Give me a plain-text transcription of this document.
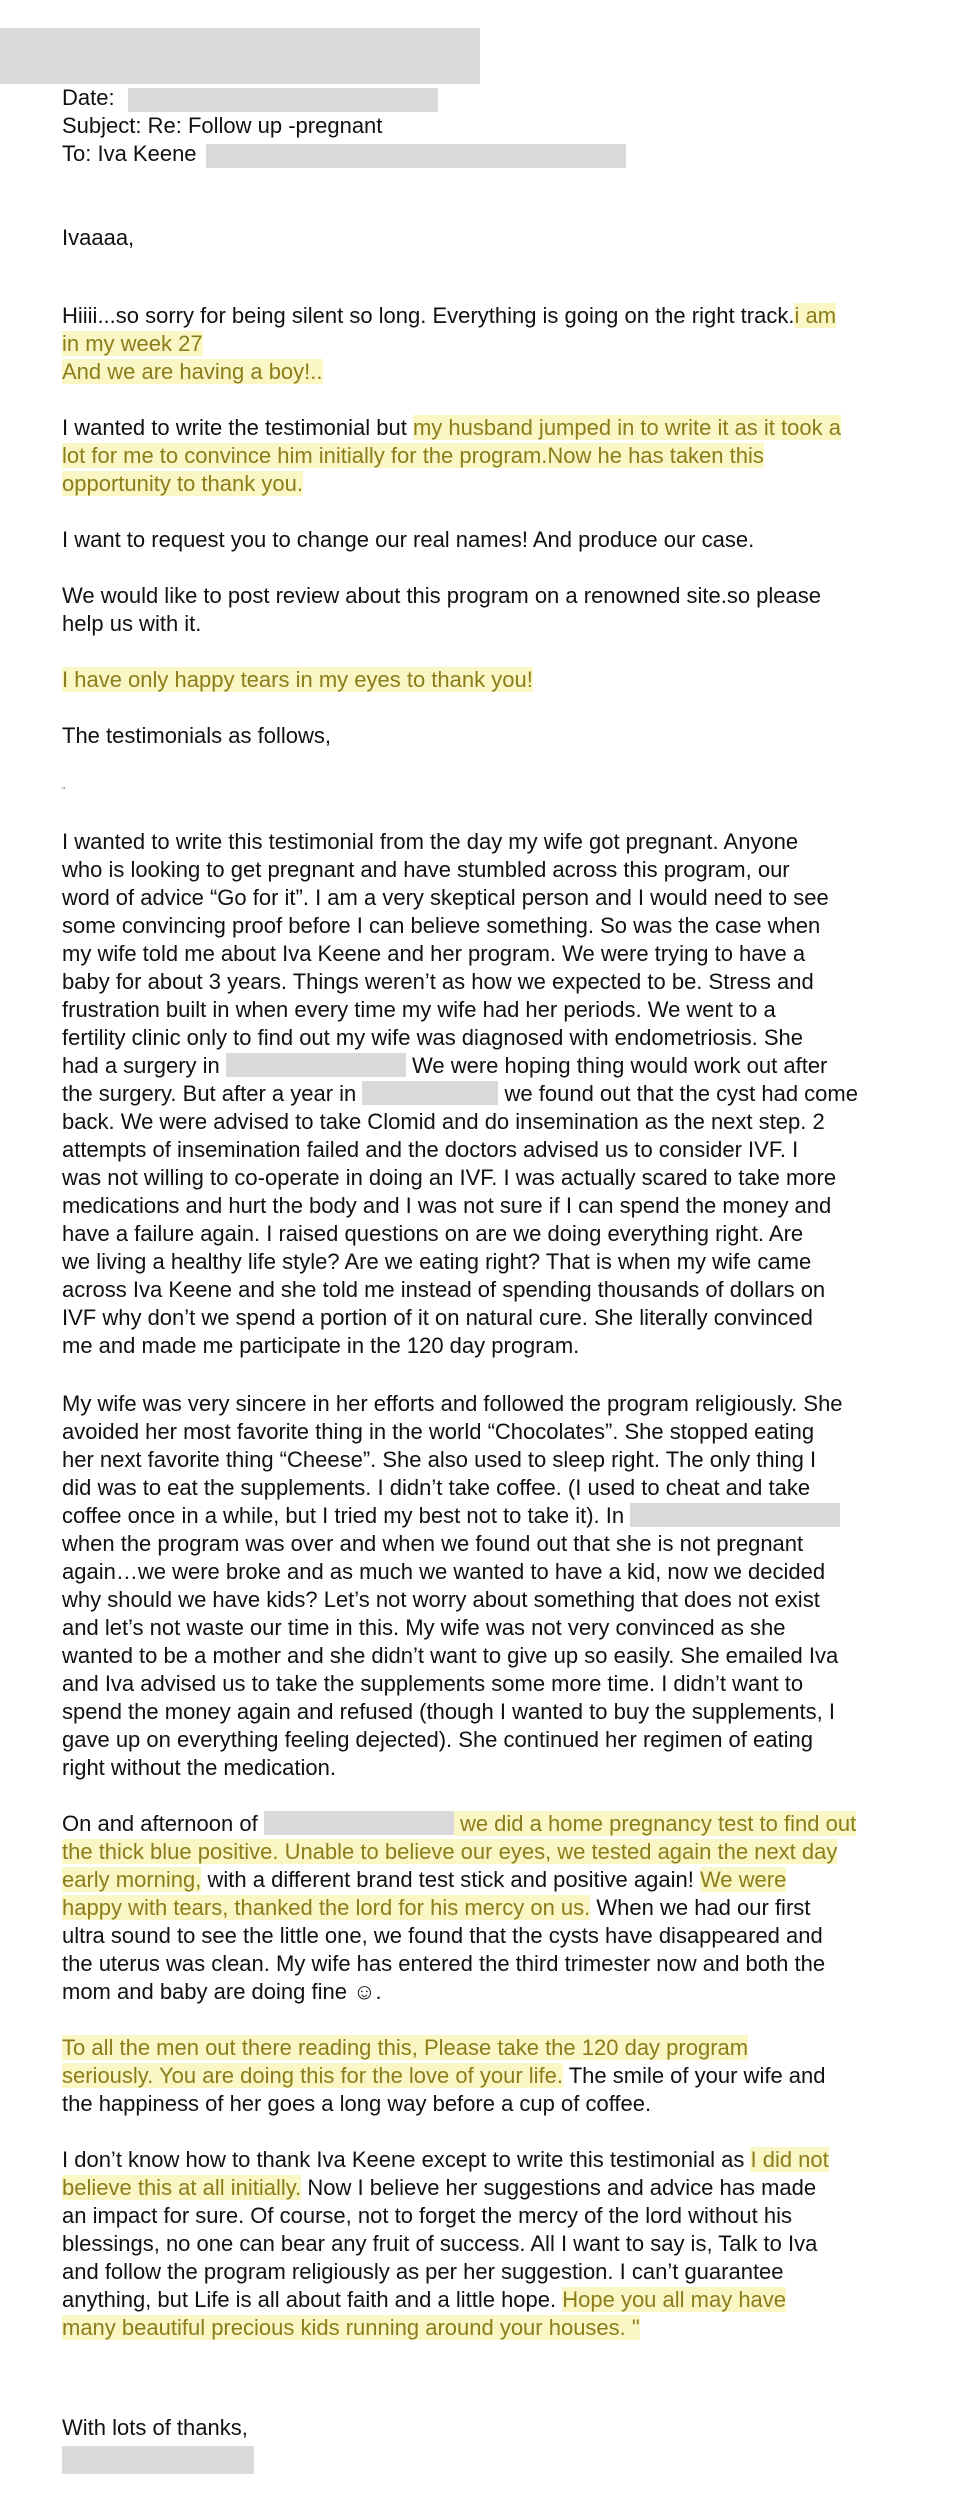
Date:
Subject: Re: Follow up -pregnant
To: Iva Keene
Ivaaaa,
Hiiii...so sorry for being silent so long. Everything is going on the right track.i am
in my week 27
And we are having a boy!..
I wanted to write the testimonial but my husband jumped in to write it as it took a
lot for me to convince him initially for the program.Now he has taken this
opportunity to thank you.
I want to request you to change our real names! And produce our case.
We would like to post review about this program on a renowned site.so please
help us with it.
I have only happy tears in my eyes to thank you!
The testimonials as follows,
"
I wanted to write this testimonial from the day my wife got pregnant. Anyone
who is looking to get pregnant and have stumbled across this program, our
word of advice “Go for it”. I am a very skeptical person and I would need to see
some convincing proof before I can believe something. So was the case when
my wife told me about Iva Keene and her program. We were trying to have a
baby for about 3 years. Things weren’t as how we expected to be. Stress and
frustration built in when every time my wife had her periods. We went to a
fertility clinic only to find out my wife was diagnosed with endometriosis. She
had a surgery in	We were hoping thing would work out after
the surgery. But after a year in	we found out that the cyst had come
back. We were advised to take Clomid and do insemination as the next step. 2
attempts of insemination failed and the doctors advised us to consider IVF. I
was not willing to co-operate in doing an IVF. I was actually scared to take more
medications and hurt the body and I was not sure if I can spend the money and
have a failure again. I raised questions on are we doing everything right. Are
we living a healthy life style? Are we eating right? That is when my wife came
across Iva Keene and she told me instead of spending thousands of dollars on
IVF why don’t we spend a portion of it on natural cure. She literally convinced
me and made me participate in the 120 day program.
My wife was very sincere in her efforts and followed the program religiously. She
avoided her most favorite thing in the world “Chocolates”. She stopped eating
her next favorite thing “Cheese”. She also used to sleep right. The only thing I
did was to eat the supplements. I didn’t take coffee. (I used to cheat and take
coffee once in a while, but I tried my best not to take it). In
when the program was over and when we found out that she is not pregnant
again…we were broke and as much we wanted to have a kid, now we decided
why should we have kids? Let’s not worry about something that does not exist
and let’s not waste our time in this. My wife was not very convinced as she
wanted to be a mother and she didn’t want to give up so easily. She emailed Iva
and Iva advised us to take the supplements some more time. I didn’t want to
spend the money again and refused (though I wanted to buy the supplements, I
gave up on everything feeling dejected). She continued her regimen of eating
right without the medication.
On and afternoon of	we did a home pregnancy test to find out
the thick blue positive. Unable to believe our eyes, we tested again the next day
early morning, with a different brand test stick and positive again! We were
happy with tears, thanked the lord for his mercy on us. When we had our first
ultra sound to see the little one, we found that the cysts have disappeared and
the uterus was clean. My wife has entered the third trimester now and both the
mom and baby are doing fine ☺.
To all the men out there reading this, Please take the 120 day program
seriously. You are doing this for the love of your life. The smile of your wife and
the happiness of her goes a long way before a cup of coffee.
I don’t know how to thank Iva Keene except to write this testimonial as I did not
believe this at all initially. Now I believe her suggestions and advice has made
an impact for sure. Of course, not to forget the mercy of the lord without his
blessings, no one can bear any fruit of success. All I want to say is, Talk to Iva
and follow the program religiously as per her suggestion. I can’t guarantee
anything, but Life is all about faith and a little hope. Hope you all may have
many beautiful precious kids running around your houses. "
With lots of thanks,
